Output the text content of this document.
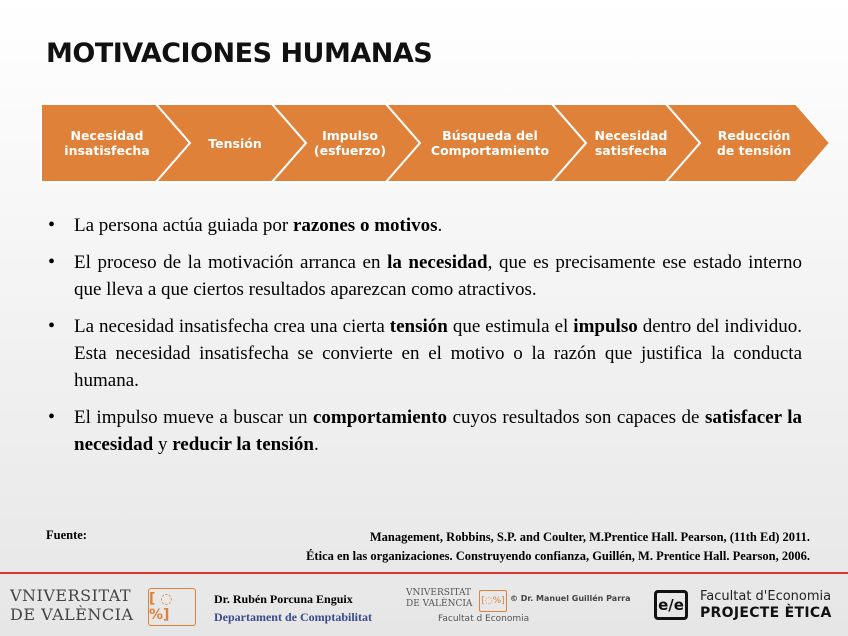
MOTIVACIONES HUMANAS
Necesidad
insatisfecha	Tensión	Impulso
(esfuerzo)
Búsqueda del
Comportamiento
Necesidad
satisfecha
Reducción
de tensión
• La persona actúa guiada por razones o motivos.
• El proceso de la motivación arranca en la necesidad, que es precisamente ese estado interno que lleva a que ciertos resultados aparezcan como atractivos.
• La necesidad insatisfecha crea una cierta tensión que estimula el impulso dentro del individuo. Esta necesidad insatisfecha se convierte en el motivo o la razón que justifica la conducta humana.
• El impulso mueve a buscar un comportamiento cuyos resultados son capaces de satisfacer la necesidad y reducir la tensión.
Fuente:	Management, Robbins, S.P. and Coulter, M.Prentice Hall. Pearson, (11th Ed) 2011.
Ética en las organizaciones. Construyendo confianza, Guillén, M. Prentice Hall. Pearson, 2006.
VNIVERSITAT
DE VALÈNCIA
[ ◌ %]
Dr. Rubén Porcuna Enguix
Departament de Comptabilitat
VNIVERSITAT
DE VALÈNCIA [◌%] © Dr. Manuel Guillén Parra
Facultat d Economia
e/e Facultat d'Economia
PROJECTE ÈTICA
